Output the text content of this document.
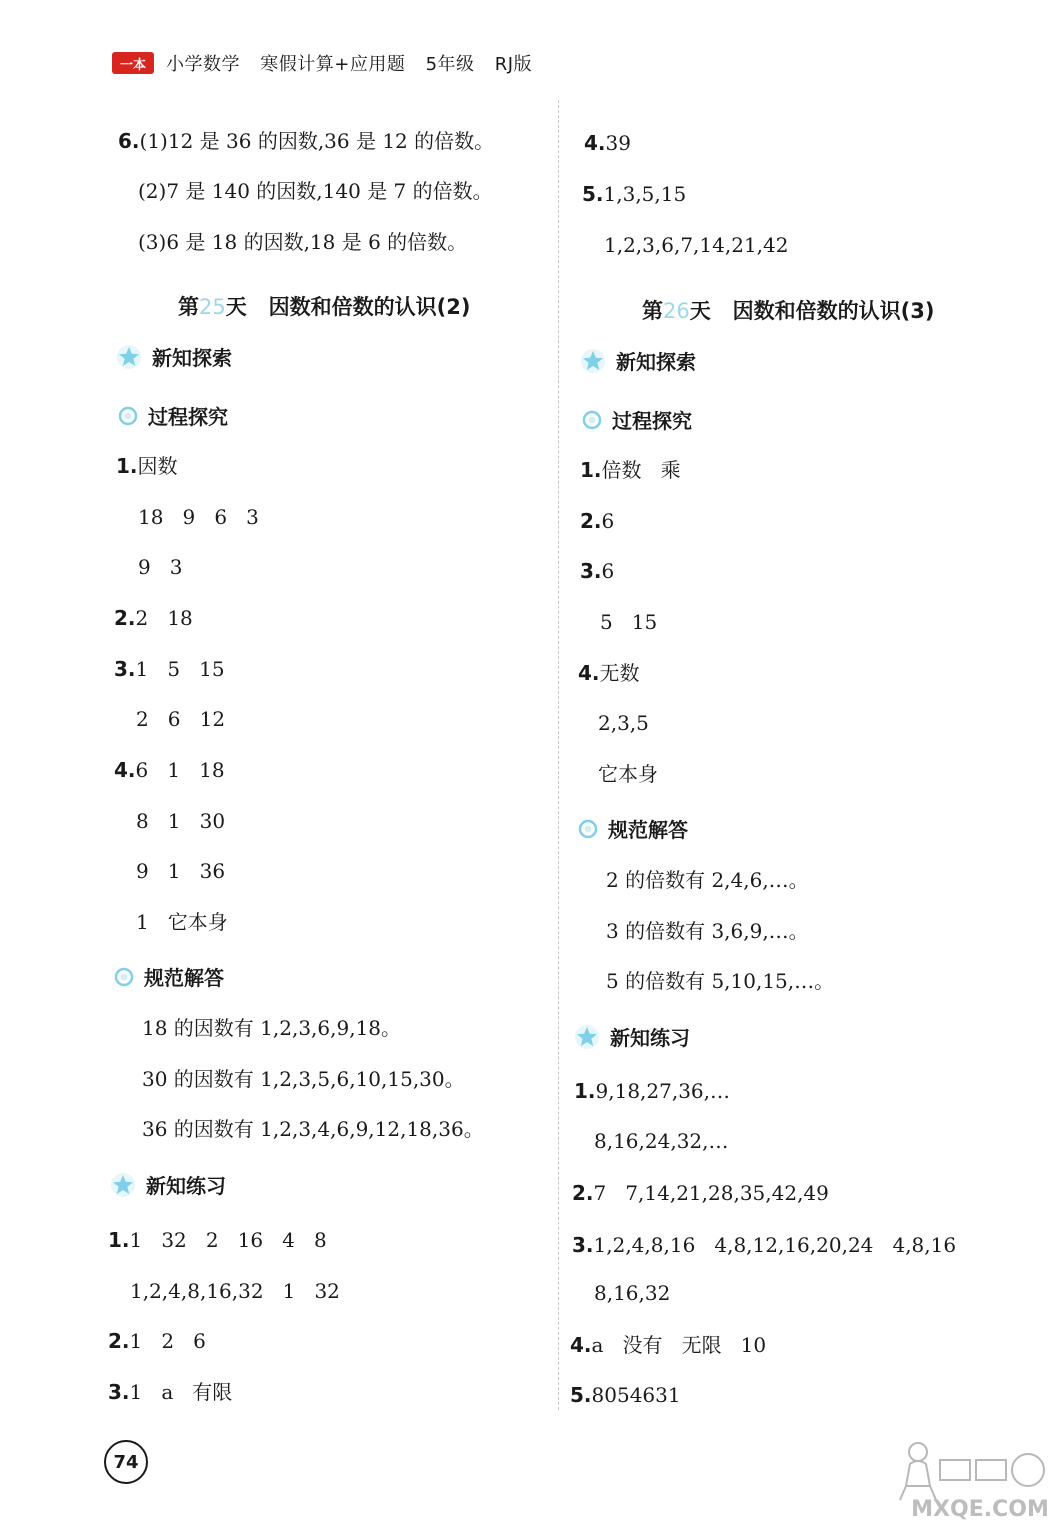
一本	小学数学 寒假计算+应用题 5年级 RJ版
6.(1)12 是 36 的因数,36 是 12 的倍数。
(2)7 是 140 的因数,140 是 7 的倍数。
(3)6 是 18 的因数,18 是 6 的倍数。
第25天 因数和倍数的认识(2)
新知探索
过程探究
1.因数
18   9   6   3
9   3
2.2   18
3.1   5   15
2   6   12
4.6   1   18
8   1   30
9   1   36
1   它本身
规范解答
18 的因数有 1,2,3,6,9,18。
30 的因数有 1,2,3,5,6,10,15,30。
36 的因数有 1,2,3,4,6,9,12,18,36。
新知练习
1.1   32   2   16   4   8
1,2,4,8,16,32   1   32
2.1   2   6
3.1   a   有限
4.39
5.1,3,5,15
1,2,3,6,7,14,21,42
第26天 因数和倍数的认识(3)
新知探索
过程探究
1.倍数   乘
2.6
3.6
5   15
4.无数
2,3,5
它本身
规范解答
2 的倍数有 2,4,6,…。
3 的倍数有 3,6,9,…。
5 的倍数有 5,10,15,…。
新知练习
1.9,18,27,36,…
8,16,24,32,…
2.7   7,14,21,28,35,42,49
3.1,2,4,8,16   4,8,12,16,20,24   4,8,16
8,16,32
4.a   没有   无限   10
5.8054631
74
MXQE.COM
